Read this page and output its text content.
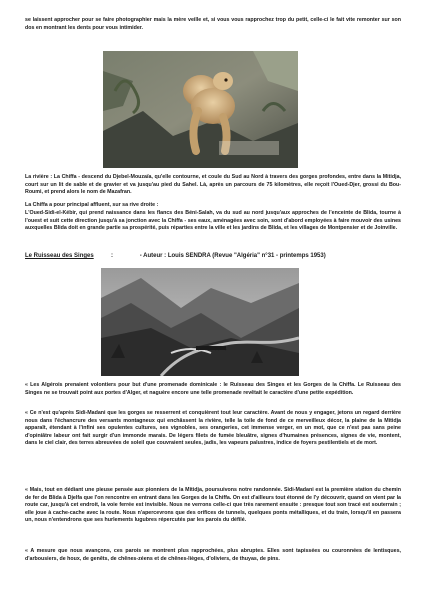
se laissent approcher pour se faire photographier mais la mère veille et, si vous vous rapprochez trop du petit, celle-ci le fait vite remonter sur son dos en montrant les dents pour vous intimider.

La rivière : La Chiffa - descend du Djebel-Mouzaïa, qu'elle contourne, et coule du Sud au Nord à travers des gorges profondes, entre dans la Mitidja, court sur un lit de sable et de gravier et va jusqu'au pied du Sahel. Là, après un parcours de 75 kilomètres, elle reçoit l'Oued-Djer, grossi du Bou-Roumi, et prend alors le nom de Mazafran.

La Chiffa a pour principal affluent, sur sa rive droite :

L'Oued-Sidi-el-Kébir, qui prend naissance dans les flancs des Béni-Salah, va du sud au nord jusqu'aux approches de l'enceinte de Blida, tourne à l'ouest et suit cette direction jusqu'à sa jonction avec la Chiffa - ses eaux, aménagées avec soin, sont d'abord employées à faire mouvoir des usines auxquelles Blida doit en grande partie sa prospérité, puis réparties entre la ville et les jardins de Blida, et les villages de Montpensier et de Joinville.

Le Ruisseau des Singes	:	- Auteur : Louis SENDRA (Revue "Algéria" n°31 - printemps 1953)

« Les Algérois prenaient volontiers pour but d'une promenade dominicale : le Ruisseau des Singes et les Gorges de la Chiffa. Le Ruisseau des Singes ne se trouvait point aux portes d'Alger, et naguère encore une telle promenade revêtait le caractère d'une petite expédition.

« Ce n'est qu'après Sidi-Madani que les gorges se resserrent et conquièrent tout leur caractère. Avant de nous y engager, jetons un regard derrière nous dans l'échancrure des versants montagneux qui enchâssent la rivière, telle la toile de fond de ce merveilleux décor, la plaine de la Mitidja apparaît, étendant à l'infini ses opulentes cultures, ses vignobles, ses orangeries, cet immense verger, en un mot, que ce n'est pas sans peine d'opiniâtre labeur ont fait surgir d'un immonde marais. De légers filets de fumée bleuâtre, signes d'humaines présences, signes de vie, montent, dans le ciel clair, des terres abreuvées de soleil que couvraient seules, jadis, les vapeurs palustres, indice de foyers pestilentiels et de mort.

« Mais, tout en dédiant une pieuse pensée aux pionniers de la Mitidja, poursuivons notre randonnée. Sidi-Madani est la première station du chemin de fer de Blida à Djelfa que l'on rencontre en entrant dans les Gorges de la Chiffa. On est d'ailleurs tout étonné de l'y découvrir, quand on vient par la route car, jusqu'à cet endroit, la voie ferrée est invisible. Nous ne verrons celle-ci que très rarement ensuite : presque tout son tracé est souterrain ; elle joue à cache-cache avec la route. Nous n'apercevrons que des orifices de tunnels, quelques ponts métalliques, et du train, lorsqu'il en passera un, nous n'entendrons que ses hurlements lugubres répercutés par les parois du défilé.

« A mesure que nous avançons, ces parois se montrent plus rapprochées, plus abruptes. Elles sont tapissées ou couronnées de lentisques, d'arbousiers, de houx, de genêts, de chênes-zéens et de chênes-lièges, d'oliviers, de thuyas, de pins.
